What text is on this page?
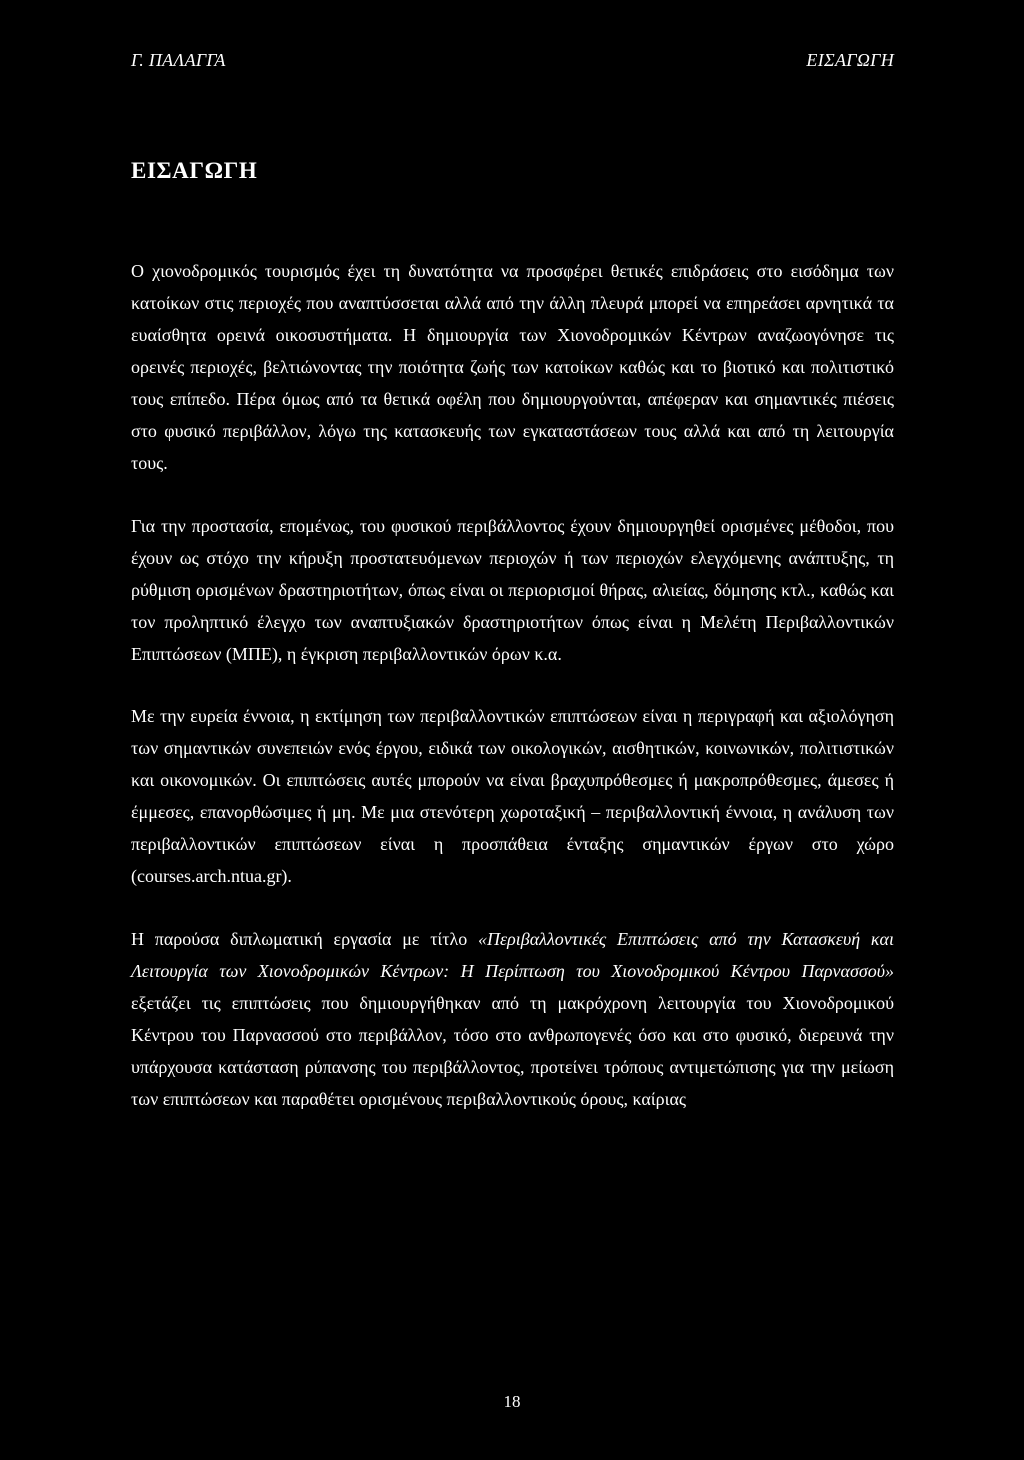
Γ. ΠΑΛΑΓΓΑ	ΕΙΣΑΓΩΓΗ
ΕΙΣΑΓΩΓΗ

Ο χιονοδρομικός τουρισμός έχει τη δυνατότητα να προσφέρει θετικές επιδράσεις στο εισόδημα των κατοίκων στις περιοχές που αναπτύσσεται αλλά από την άλλη πλευρά μπορεί να επηρεάσει αρνητικά τα ευαίσθητα ορεινά οικοσυστήματα. Η δημιουργία των Χιονοδρομικών Κέντρων αναζωογόνησε τις ορεινές περιοχές, βελτιώνοντας την ποιότητα ζωής των κατοίκων καθώς και το βιοτικό και πολιτιστικό τους επίπεδο. Πέρα όμως από τα θετικά οφέλη που δημιουργούνται, απέφεραν και σημαντικές πιέσεις στο φυσικό περιβάλλον, λόγω της κατασκευής των εγκαταστάσεων τους αλλά και από τη λειτουργία τους.

Για την προστασία, επομένως, του φυσικού περιβάλλοντος έχουν δημιουργηθεί ορισμένες μέθοδοι, που έχουν ως στόχο την κήρυξη προστατευόμενων περιοχών ή των περιοχών ελεγχόμενης ανάπτυξης, τη ρύθμιση ορισμένων δραστηριοτήτων, όπως είναι οι περιορισμοί θήρας, αλιείας, δόμησης κτλ., καθώς και τον προληπτικό έλεγχο των αναπτυξιακών δραστηριοτήτων όπως είναι η Μελέτη Περιβαλλοντικών Επιπτώσεων (ΜΠΕ), η έγκριση περιβαλλοντικών όρων κ.α.

Με την ευρεία έννοια, η εκτίμηση των περιβαλλοντικών επιπτώσεων είναι η περιγραφή και αξιολόγηση των σημαντικών συνεπειών ενός έργου, ειδικά των οικολογικών, αισθητικών, κοινωνικών, πολιτιστικών και οικονομικών. Οι επιπτώσεις αυτές μπορούν να είναι βραχυπρόθεσμες ή μακροπρόθεσμες, άμεσες ή έμμεσες, επανορθώσιμες ή μη. Με μια στενότερη χωροταξική – περιβαλλοντική έννοια, η ανάλυση των περιβαλλοντικών επιπτώσεων είναι η προσπάθεια ένταξης σημαντικών έργων στο χώρο (courses.arch.ntua.gr).

Η παρούσα διπλωματική εργασία με τίτλο «Περιβαλλοντικές Επιπτώσεις από την Κατασκευή και Λειτουργία των Χιονοδρομικών Κέντρων: Η Περίπτωση του Χιονοδρομικού Κέντρου Παρνασσού» εξετάζει τις επιπτώσεις που δημιουργήθηκαν από τη μακρόχρονη λειτουργία του Χιονοδρομικού Κέντρου του Παρνασσού στο περιβάλλον, τόσο στο ανθρωπογενές όσο και στο φυσικό, διερευνά την υπάρχουσα κατάσταση ρύπανσης του περιβάλλοντος, προτείνει τρόπους αντιμετώπισης για την μείωση των επιπτώσεων και παραθέτει ορισμένους περιβαλλοντικούς όρους, καίριας

18
